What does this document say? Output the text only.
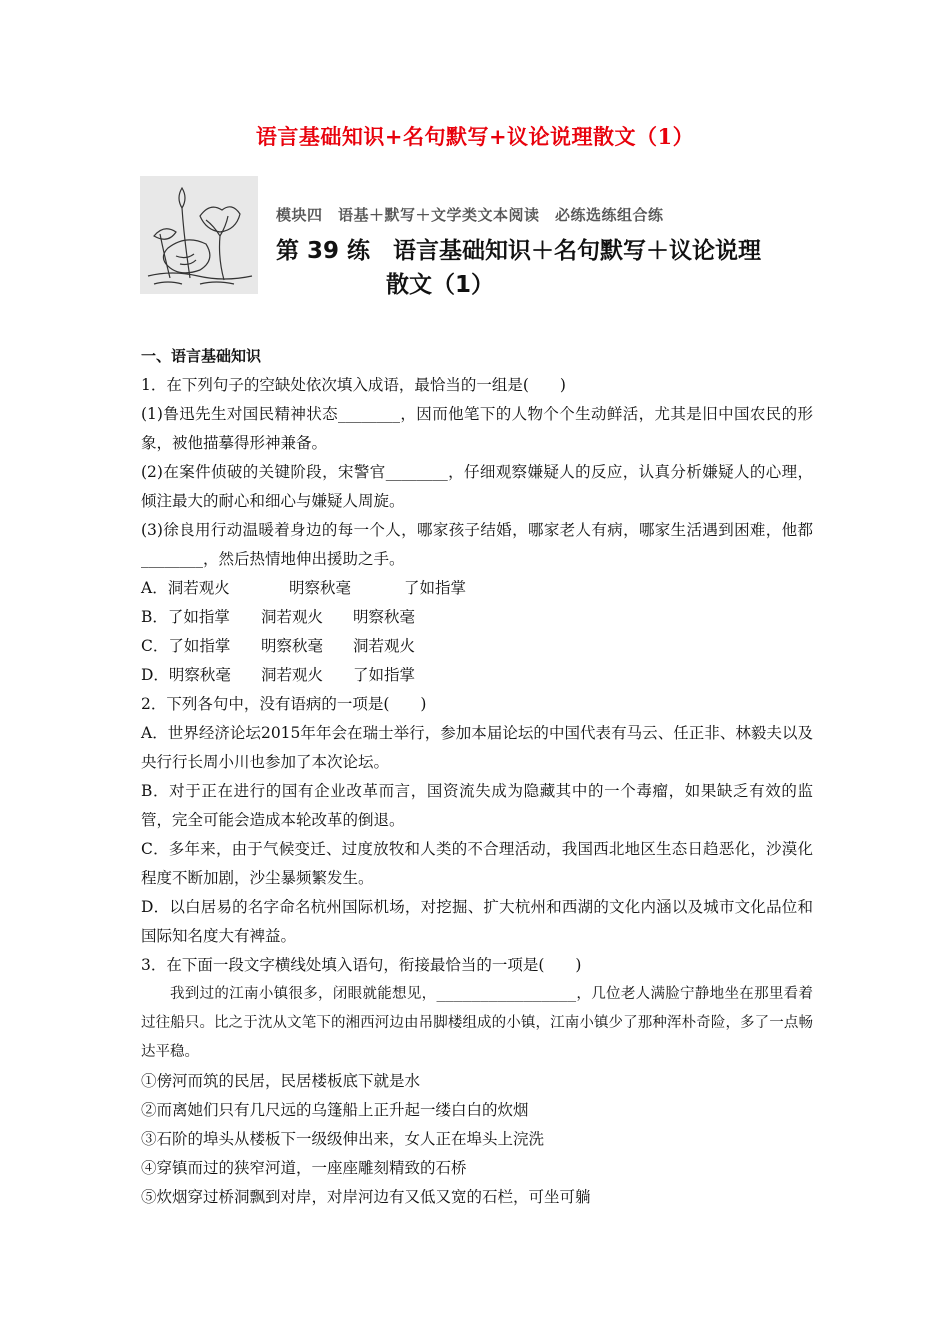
语言基础知识+名句默写+议论说理散文（1）
模块四　语基＋默写＋文学类文本阅读　必练选练组合练
第 39 练　语言基础知识＋名句默写＋议论说理
散文（1）

一、语言基础知识

1．在下列句子的空缺处依次填入成语，最恰当的一组是(　　)

(1)鲁迅先生对国民精神状态________，因而他笔下的人物个个生动鲜活，尤其是旧中国农民的形象，被他描摹得形神兼备。

(2)在案件侦破的关键阶段，宋警官________，仔细观察嫌疑人的反应，认真分析嫌疑人的心理，倾注最大的耐心和细心与嫌疑人周旋。

(3)徐良用行动温暖着身边的每一个人，哪家孩子结婚，哪家老人有病，哪家生活遇到困难，他都________，然后热情地伸出援助之手。

A．洞若观火	明察秋毫	了如指掌

B．了如指掌	洞若观火	明察秋毫

C．了如指掌	明察秋毫	洞若观火

D．明察秋毫	洞若观火	了如指掌

2．下列各句中，没有语病的一项是(　　)

A．世界经济论坛2015年年会在瑞士举行，参加本届论坛的中国代表有马云、任正非、林毅夫以及央行行长周小川也参加了本次论坛。

B．对于正在进行的国有企业改革而言，国资流失成为隐藏其中的一个毒瘤，如果缺乏有效的监管，完全可能会造成本轮改革的倒退。

C．多年来，由于气候变迁、过度放牧和人类的不合理活动，我国西北地区生态日趋恶化，沙漠化程度不断加剧，沙尘暴频繁发生。

D．以白居易的名字命名杭州国际机场，对挖掘、扩大杭州和西湖的文化内涵以及城市文化品位和国际知名度大有裨益。

3．在下面一段文字横线处填入语句，衔接最恰当的一项是(　　)

我到过的江南小镇很多，闭眼就能想见，________________，几位老人满脸宁静地坐在那里看着过往船只。比之于沈从文笔下的湘西河边由吊脚楼组成的小镇，江南小镇少了那种浑朴奇险，多了一点畅达平稳。

①傍河而筑的民居，民居楼板底下就是水

②而离她们只有几尺远的乌篷船上正升起一缕白白的炊烟

③石阶的埠头从楼板下一级级伸出来，女人正在埠头上浣洗

④穿镇而过的狭窄河道，一座座雕刻精致的石桥

⑤炊烟穿过桥洞飘到对岸，对岸河边有又低又宽的石栏，可坐可躺
